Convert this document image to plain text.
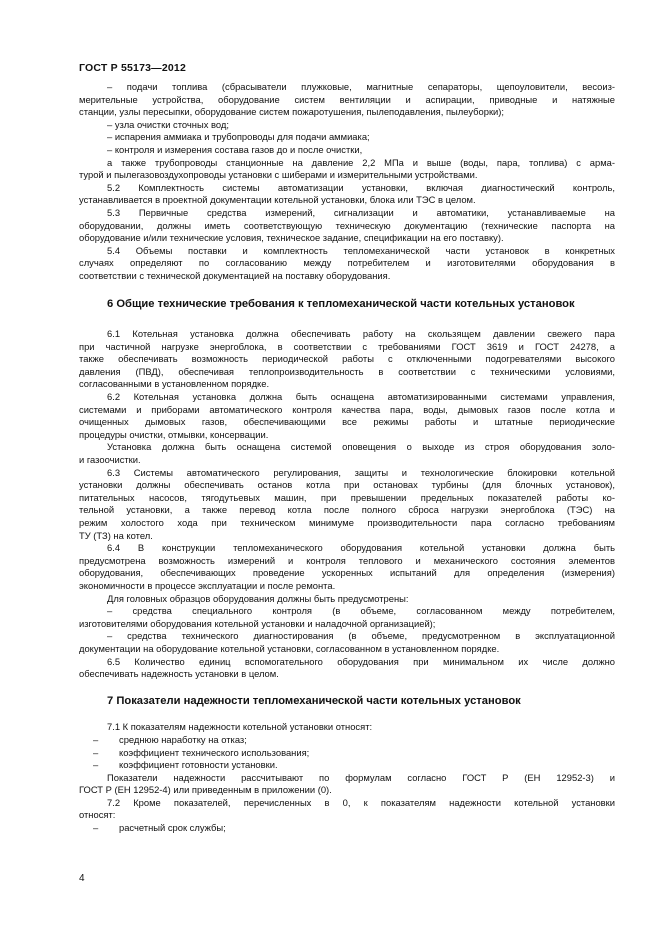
ГОСТ Р 55173—2012

– подачи топлива (сбрасыватели плужковые, магнитные сепараторы, щепоуловители, весоиз-

мерительные устройства, оборудование систем вентиляции и аспирации, приводные и натяжные

станции, узлы пересыпки, оборудование систем пожаротушения, пылеподавления, пылеуборки);

– узла очистки сточных вод;

– испарения аммиака и трубопроводы для подачи аммиака;

– контроля и измерения состава газов до и после очистки,

а также трубопроводы станционные на давление 2,2 МПа и выше (воды, пара, топлива) с арма-

турой и пылегазовоздухопроводы установки с шиберами и измерительными устройствами.

5.2 Комплектность системы автоматизации установки, включая диагностический контроль,

устанавливается в проектной документации котельной установки, блока или ТЭС в целом.

5.3 Первичные средства измерений, сигнализации и автоматики, устанавливаемые на

оборудовании, должны иметь соответствующую техническую документацию (технические паспорта на

оборудование и/или технические условия, техническое задание, спецификации на его поставку).

5.4 Объемы поставки и комплектность тепломеханической части установок в конкретных

случаях определяют по согласованию между потребителем и изготовителями оборудования в

соответствии с технической документацией на поставку оборудования.

6 Общие технические требования к тепломеханической части котельных установок

6.1 Котельная установка должна обеспечивать работу на скользящем давлении свежего пара

при частичной нагрузке энергоблока, в соответствии с требованиями ГОСТ 3619 и ГОСТ 24278, а

также обеспечивать возможность периодической работы с отключенными подогревателями высокого

давления (ПВД), обеспечивая теплопроизводительность в соответствии с техническими условиями,

согласованными в установленном порядке.

6.2 Котельная установка должна быть оснащена автоматизированными системами управления,

системами и приборами автоматического контроля качества пара, воды, дымовых газов после котла и

очищенных дымовых газов, обеспечивающими все режимы работы и штатные периодические

процедуры очистки, отмывки, консервации.

Установка должна быть оснащена системой оповещения о выходе из строя оборудования золо-

и газоочистки.

6.3 Системы автоматического регулирования, защиты и технологические блокировки котельной

установки должны обеспечивать останов котла при остановах турбины (для блочных установок),

питательных насосов, тягодутьевых машин, при превышении предельных показателей работы ко-

тельной установки, а также перевод котла после полного сброса нагрузки энергоблока (ТЭС) на

режим холостого хода при техническом минимуме производительности пара согласно требованиям

ТУ (ТЗ) на котел.

6.4 В конструкции тепломеханического оборудования котельной установки должна быть

предусмотрена возможность измерений и контроля теплового и механического состояния элементов

оборудования, обеспечивающих проведение ускоренных испытаний для определения (измерения)

экономичности в процессе эксплуатации и после ремонта.

Для головных образцов оборудования должны быть предусмотрены:

– средства специального контроля (в объеме, согласованном между потребителем,

изготовителями оборудования котельной установки и наладочной организацией);

– средства технического диагностирования (в объеме, предусмотренном в эксплуатационной

документации на оборудование котельной установки, согласованном в установленном порядке.

6.5 Количество единиц вспомогательного оборудования при минимальном их числе должно

обеспечивать надежность установки в целом.

7 Показатели надежности тепломеханической части котельных установок

7.1 К показателям надежности котельной установки относят:

–	среднюю наработку на отказ;
–	коэффициент технического использования;
–	коэффициент готовности установки.

Показатели надежности рассчитывают по формулам согласно ГОСТ Р (ЕН 12952-3) и

ГОСТ Р (ЕН 12952-4) или приведенным в приложении (0).

7.2 Кроме показателей, перечисленных в 0, к показателям надежности котельной установки

относят:

–	расчетный срок службы;
4
